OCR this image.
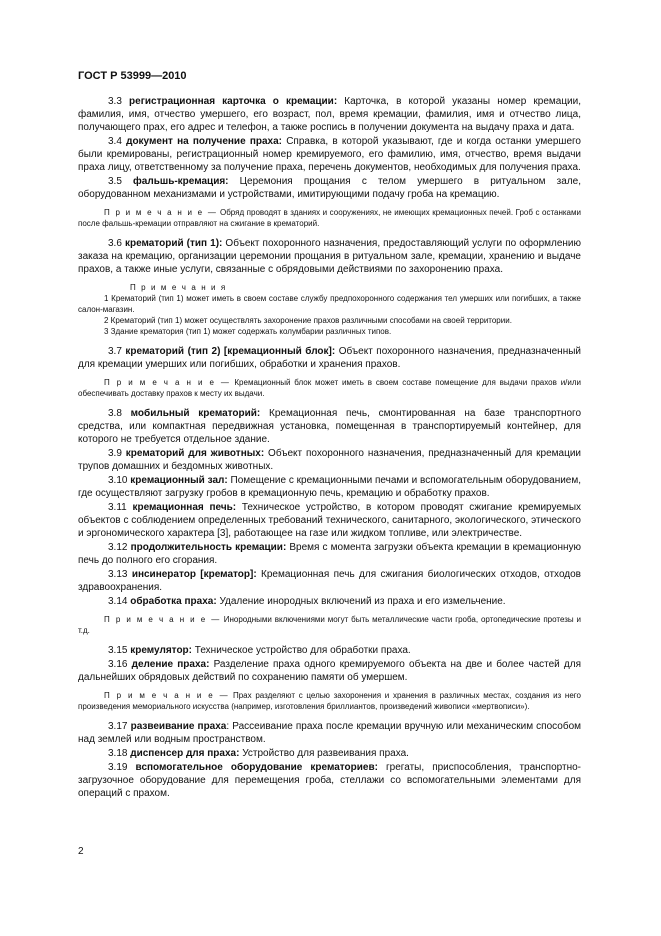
ГОСТ Р 53999—2010

3.3 регистрационная карточка о кремации: Карточка, в которой указаны номер кремации, фамилия, имя, отчество умершего, его возраст, пол, время кремации, фамилия, имя и отчество лица, получающего прах, его адрес и телефон, а также роспись в получении документа на выдачу праха и дата.

3.4 документ на получение праха: Справка, в которой указывают, где и когда останки умершего были кремированы, регистрационный номер кремируемого, его фамилию, имя, отчество, время выдачи праха лицу, ответственному за получение праха, перечень документов, необходимых для получения праха.

3.5 фальшь-кремация: Церемония прощания с телом умершего в ритуальном зале, оборудованном механизмами и устройствами, имитирующими подачу гроба на кремацию.

П р и м е ч а н и е — Обряд проводят в зданиях и сооружениях, не имеющих кремационных печей. Гроб с останками после фальшь-кремации отправляют на сжигание в крематорий.

3.6 крематорий (тип 1): Объект похоронного назначения, предоставляющий услуги по оформлению заказа на кремацию, организации церемонии прощания в ритуальном зале, кремации, хранению и выдаче прахов, а также иные услуги, связанные с обрядовыми действиями по захоронению праха.

П р и м е ч а н и я

1 Крематорий (тип 1) может иметь в своем составе службу предпохоронного содержания тел умерших или погибших, а также салон-магазин.

2 Крематорий (тип 1) может осуществлять захоронение прахов различными способами на своей территории.

3 Здание крематория (тип 1) может содержать колумбарии различных типов.

3.7 крематорий (тип 2) [кремационный блок]: Объект похоронного назначения, предназначенный для кремации умерших или погибших, обработки и хранения прахов.

П р и м е ч а н и е — Кремационный блок может иметь в своем составе помещение для выдачи прахов и/или обеспечивать доставку прахов к месту их выдачи.

3.8 мобильный крематорий: Кремационная печь, смонтированная на базе транспортного средства, или компактная передвижная установка, помещенная в транспортируемый контейнер, для которого не требуется отдельное здание.

3.9 крематорий для животных: Объект похоронного назначения, предназначенный для кремации трупов домашних и бездомных животных.

3.10 кремационный зал: Помещение с кремационными печами и вспомогательным оборудованием, где осуществляют загрузку гробов в кремационную печь, кремацию и обработку прахов.

3.11 кремационная печь: Техническое устройство, в котором проводят сжигание кремируемых объектов с соблюдением определенных требований технического, санитарного, экологического, этического и эргономического характера [3], работающее на газе или жидком топливе, или электричестве.

3.12 продолжительность кремации: Время с момента загрузки объекта кремации в кремационную печь до полного его сгорания.

3.13 инсинератор [крематор]: Кремационная печь для сжигания биологических отходов, отходов здравоохранения.

3.14 обработка праха: Удаление инородных включений из праха и его измельчение.

П р и м е ч а н и е — Инородными включениями могут быть металлические части гроба, ортопедические протезы и т.д.

3.15 кремулятор: Техническое устройство для обработки праха.

3.16 деление праха: Разделение праха одного кремируемого объекта на две и более частей для дальнейших обрядовых действий по сохранению памяти об умершем.

П р и м е ч а н и е — Прах разделяют с целью захоронения и хранения в различных местах, создания из него произведения мемориального искусства (например, изготовления бриллиантов, произведений живописи «мертвописи»).

3.17 развеивание праха: Рассеивание праха после кремации вручную или механическим способом над землей или водным пространством.

3.18 диспенсер для праха: Устройство для развеивания праха.

3.19 вспомогательное оборудование крематориев: грегаты, приспособления, транспортно-загрузочное оборудование для перемещения гроба, стеллажи со вспомогательными элементами для операций с прахом.

2
